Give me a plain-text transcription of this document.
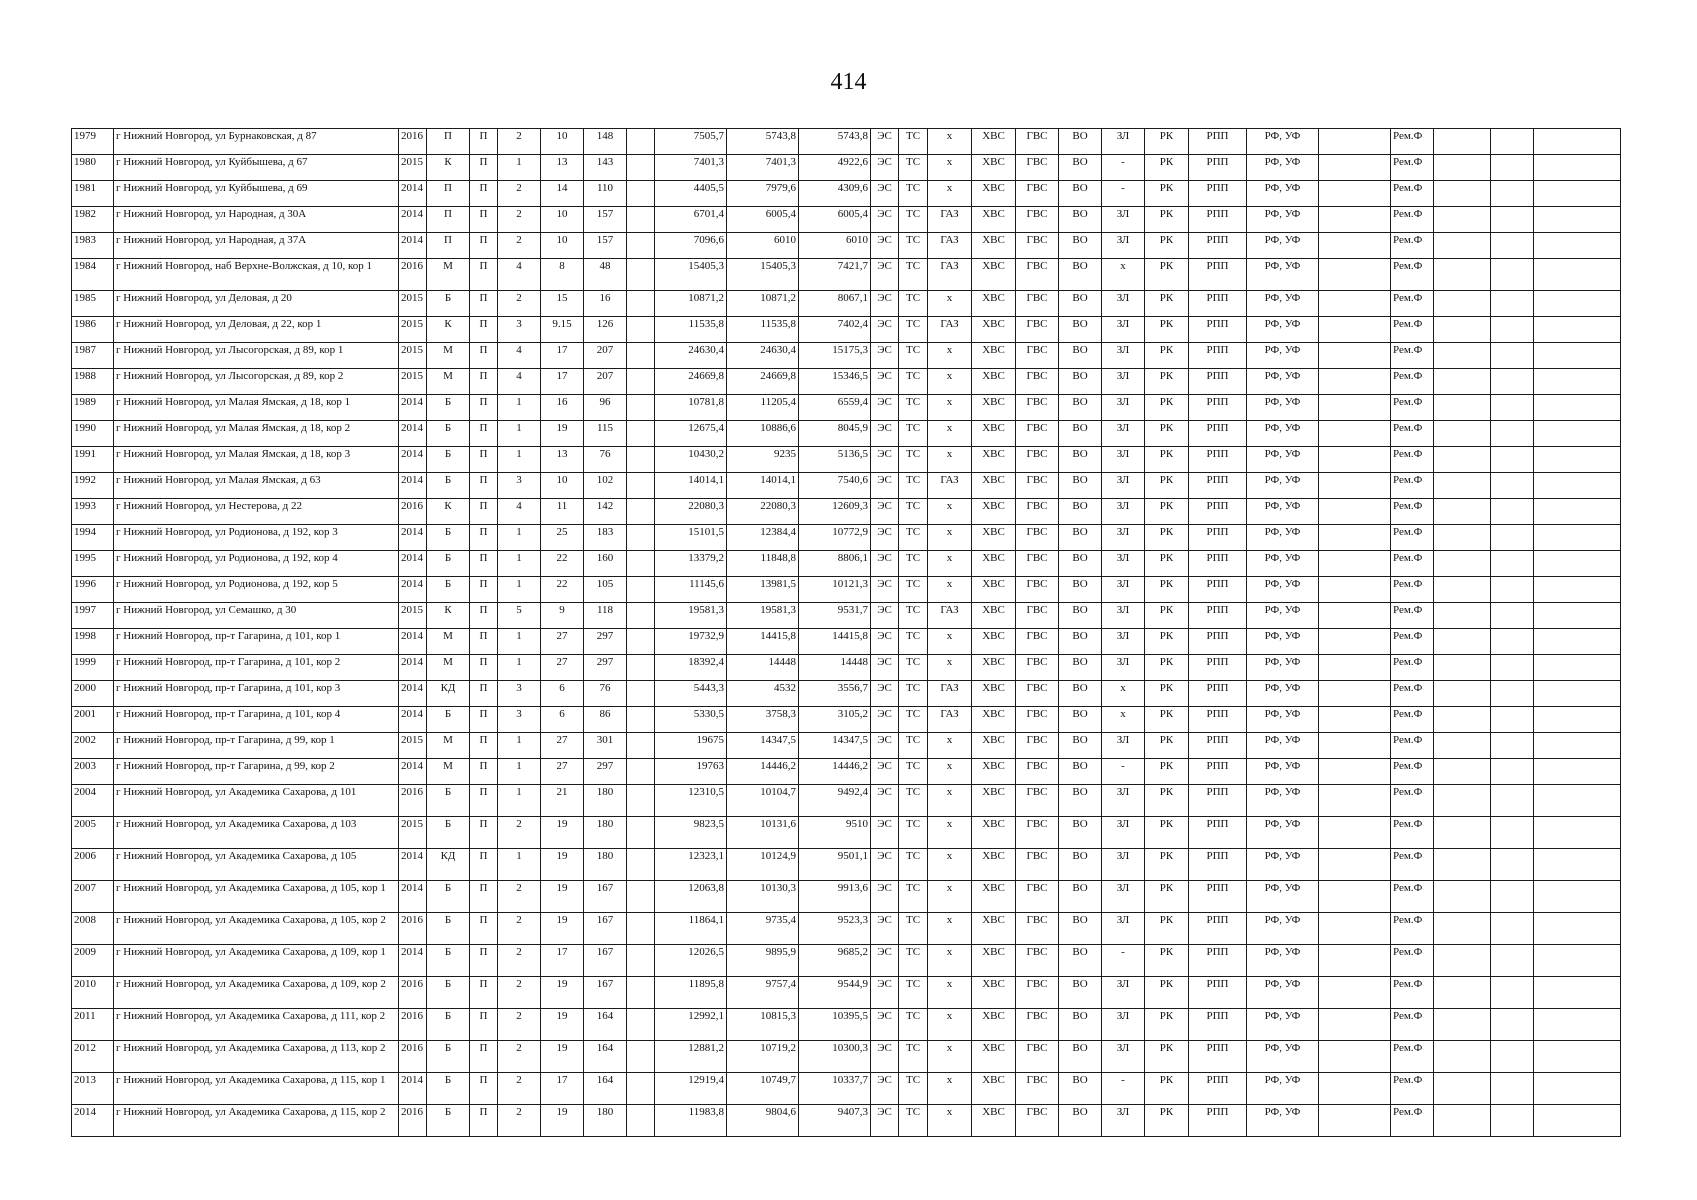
414
1979	г Нижний Новгород, ул Бурнаковская, д 87	2016	П	П	2	10	148		7505,7	5743,8	5743,8	ЭС	ТС	х	ХВС	ГВС	ВО	ЗЛ	РК	РПП	РФ, УФ		Рем.Ф			
1980	г Нижний Новгород, ул Куйбышева, д 67	2015	К	П	1	13	143		7401,3	7401,3	4922,6	ЭС	ТС	х	ХВС	ГВС	ВО	-	РК	РПП	РФ, УФ		Рем.Ф			
1981	г Нижний Новгород, ул Куйбышева, д 69	2014	П	П	2	14	110		4405,5	7979,6	4309,6	ЭС	ТС	х	ХВС	ГВС	ВО	-	РК	РПП	РФ, УФ		Рем.Ф			
1982	г Нижний Новгород, ул Народная, д 30А	2014	П	П	2	10	157		6701,4	6005,4	6005,4	ЭС	ТС	ГАЗ	ХВС	ГВС	ВО	ЗЛ	РК	РПП	РФ, УФ		Рем.Ф			
1983	г Нижний Новгород, ул Народная, д 37А	2014	П	П	2	10	157		7096,6	6010	6010	ЭС	ТС	ГАЗ	ХВС	ГВС	ВО	ЗЛ	РК	РПП	РФ, УФ		Рем.Ф			
1984	г Нижний Новгород, наб Верхне-Волжская, д 10, кор 1	2016	М	П	4	8	48		15405,3	15405,3	7421,7	ЭС	ТС	ГАЗ	ХВС	ГВС	ВО	х	РК	РПП	РФ, УФ		Рем.Ф			
1985	г Нижний Новгород, ул Деловая, д 20	2015	Б	П	2	15	16		10871,2	10871,2	8067,1	ЭС	ТС	х	ХВС	ГВС	ВО	ЗЛ	РК	РПП	РФ, УФ		Рем.Ф			
1986	г Нижний Новгород, ул Деловая, д 22, кор 1	2015	К	П	3	9.15	126		11535,8	11535,8	7402,4	ЭС	ТС	ГАЗ	ХВС	ГВС	ВО	ЗЛ	РК	РПП	РФ, УФ		Рем.Ф			
1987	г Нижний Новгород, ул Лысогорская, д 89, кор 1	2015	М	П	4	17	207		24630,4	24630,4	15175,3	ЭС	ТС	х	ХВС	ГВС	ВО	ЗЛ	РК	РПП	РФ, УФ		Рем.Ф			
1988	г Нижний Новгород, ул Лысогорская, д 89, кор 2	2015	М	П	4	17	207		24669,8	24669,8	15346,5	ЭС	ТС	х	ХВС	ГВС	ВО	ЗЛ	РК	РПП	РФ, УФ		Рем.Ф			
1989	г Нижний Новгород, ул Малая Ямская, д 18, кор 1	2014	Б	П	1	16	96		10781,8	11205,4	6559,4	ЭС	ТС	х	ХВС	ГВС	ВО	ЗЛ	РК	РПП	РФ, УФ		Рем.Ф			
1990	г Нижний Новгород, ул Малая Ямская, д 18, кор 2	2014	Б	П	1	19	115		12675,4	10886,6	8045,9	ЭС	ТС	х	ХВС	ГВС	ВО	ЗЛ	РК	РПП	РФ, УФ		Рем.Ф			
1991	г Нижний Новгород, ул Малая Ямская, д 18, кор 3	2014	Б	П	1	13	76		10430,2	9235	5136,5	ЭС	ТС	х	ХВС	ГВС	ВО	ЗЛ	РК	РПП	РФ, УФ		Рем.Ф			
1992	г Нижний Новгород, ул Малая Ямская, д 63	2014	Б	П	3	10	102		14014,1	14014,1	7540,6	ЭС	ТС	ГАЗ	ХВС	ГВС	ВО	ЗЛ	РК	РПП	РФ, УФ		Рем.Ф			
1993	г Нижний Новгород, ул Нестерова, д 22	2016	К	П	4	11	142		22080,3	22080,3	12609,3	ЭС	ТС	х	ХВС	ГВС	ВО	ЗЛ	РК	РПП	РФ, УФ		Рем.Ф			
1994	г Нижний Новгород, ул Родионова, д 192, кор 3	2014	Б	П	1	25	183		15101,5	12384,4	10772,9	ЭС	ТС	х	ХВС	ГВС	ВО	ЗЛ	РК	РПП	РФ, УФ		Рем.Ф			
1995	г Нижний Новгород, ул Родионова, д 192, кор 4	2014	Б	П	1	22	160		13379,2	11848,8	8806,1	ЭС	ТС	х	ХВС	ГВС	ВО	ЗЛ	РК	РПП	РФ, УФ		Рем.Ф			
1996	г Нижний Новгород, ул Родионова, д 192, кор 5	2014	Б	П	1	22	105		11145,6	13981,5	10121,3	ЭС	ТС	х	ХВС	ГВС	ВО	ЗЛ	РК	РПП	РФ, УФ		Рем.Ф			
1997	г Нижний Новгород, ул Семашко, д 30	2015	К	П	5	9	118		19581,3	19581,3	9531,7	ЭС	ТС	ГАЗ	ХВС	ГВС	ВО	ЗЛ	РК	РПП	РФ, УФ		Рем.Ф			
1998	г Нижний Новгород, пр-т Гагарина, д 101, кор 1	2014	М	П	1	27	297		19732,9	14415,8	14415,8	ЭС	ТС	х	ХВС	ГВС	ВО	ЗЛ	РК	РПП	РФ, УФ		Рем.Ф			
1999	г Нижний Новгород, пр-т Гагарина, д 101, кор 2	2014	М	П	1	27	297		18392,4	14448	14448	ЭС	ТС	х	ХВС	ГВС	ВО	ЗЛ	РК	РПП	РФ, УФ		Рем.Ф			
2000	г Нижний Новгород, пр-т Гагарина, д 101, кор 3	2014	КД	П	3	6	76		5443,3	4532	3556,7	ЭС	ТС	ГАЗ	ХВС	ГВС	ВО	х	РК	РПП	РФ, УФ		Рем.Ф			
2001	г Нижний Новгород, пр-т Гагарина, д 101, кор 4	2014	Б	П	3	6	86		5330,5	3758,3	3105,2	ЭС	ТС	ГАЗ	ХВС	ГВС	ВО	х	РК	РПП	РФ, УФ		Рем.Ф			
2002	г Нижний Новгород, пр-т Гагарина, д 99, кор 1	2015	М	П	1	27	301		19675	14347,5	14347,5	ЭС	ТС	х	ХВС	ГВС	ВО	ЗЛ	РК	РПП	РФ, УФ		Рем.Ф			
2003	г Нижний Новгород, пр-т Гагарина, д 99, кор 2	2014	М	П	1	27	297		19763	14446,2	14446,2	ЭС	ТС	х	ХВС	ГВС	ВО	-	РК	РПП	РФ, УФ		Рем.Ф			
2004	г Нижний Новгород, ул Академика Сахарова, д 101	2016	Б	П	1	21	180		12310,5	10104,7	9492,4	ЭС	ТС	х	ХВС	ГВС	ВО	ЗЛ	РК	РПП	РФ, УФ		Рем.Ф			
2005	г Нижний Новгород, ул Академика Сахарова, д 103	2015	Б	П	2	19	180		9823,5	10131,6	9510	ЭС	ТС	х	ХВС	ГВС	ВО	ЗЛ	РК	РПП	РФ, УФ		Рем.Ф			
2006	г Нижний Новгород, ул Академика Сахарова, д 105	2014	КД	П	1	19	180		12323,1	10124,9	9501,1	ЭС	ТС	х	ХВС	ГВС	ВО	ЗЛ	РК	РПП	РФ, УФ		Рем.Ф			
2007	г Нижний Новгород, ул Академика Сахарова, д 105, кор 1	2014	Б	П	2	19	167		12063,8	10130,3	9913,6	ЭС	ТС	х	ХВС	ГВС	ВО	ЗЛ	РК	РПП	РФ, УФ		Рем.Ф			
2008	г Нижний Новгород, ул Академика Сахарова, д 105, кор 2	2016	Б	П	2	19	167		11864,1	9735,4	9523,3	ЭС	ТС	х	ХВС	ГВС	ВО	ЗЛ	РК	РПП	РФ, УФ		Рем.Ф			
2009	г Нижний Новгород, ул Академика Сахарова, д 109, кор 1	2014	Б	П	2	17	167		12026,5	9895,9	9685,2	ЭС	ТС	х	ХВС	ГВС	ВО	-	РК	РПП	РФ, УФ		Рем.Ф			
2010	г Нижний Новгород, ул Академика Сахарова, д 109, кор 2	2016	Б	П	2	19	167		11895,8	9757,4	9544,9	ЭС	ТС	х	ХВС	ГВС	ВО	ЗЛ	РК	РПП	РФ, УФ		Рем.Ф			
2011	г Нижний Новгород, ул Академика Сахарова, д 111, кор 2	2016	Б	П	2	19	164		12992,1	10815,3	10395,5	ЭС	ТС	х	ХВС	ГВС	ВО	ЗЛ	РК	РПП	РФ, УФ		Рем.Ф			
2012	г Нижний Новгород, ул Академика Сахарова, д 113, кор 2	2016	Б	П	2	19	164		12881,2	10719,2	10300,3	ЭС	ТС	х	ХВС	ГВС	ВО	ЗЛ	РК	РПП	РФ, УФ		Рем.Ф			
2013	г Нижний Новгород, ул Академика Сахарова, д 115, кор 1	2014	Б	П	2	17	164		12919,4	10749,7	10337,7	ЭС	ТС	х	ХВС	ГВС	ВО	-	РК	РПП	РФ, УФ		Рем.Ф			
2014	г Нижний Новгород, ул Академика Сахарова, д 115, кор 2	2016	Б	П	2	19	180		11983,8	9804,6	9407,3	ЭС	ТС	х	ХВС	ГВС	ВО	ЗЛ	РК	РПП	РФ, УФ		Рем.Ф			
